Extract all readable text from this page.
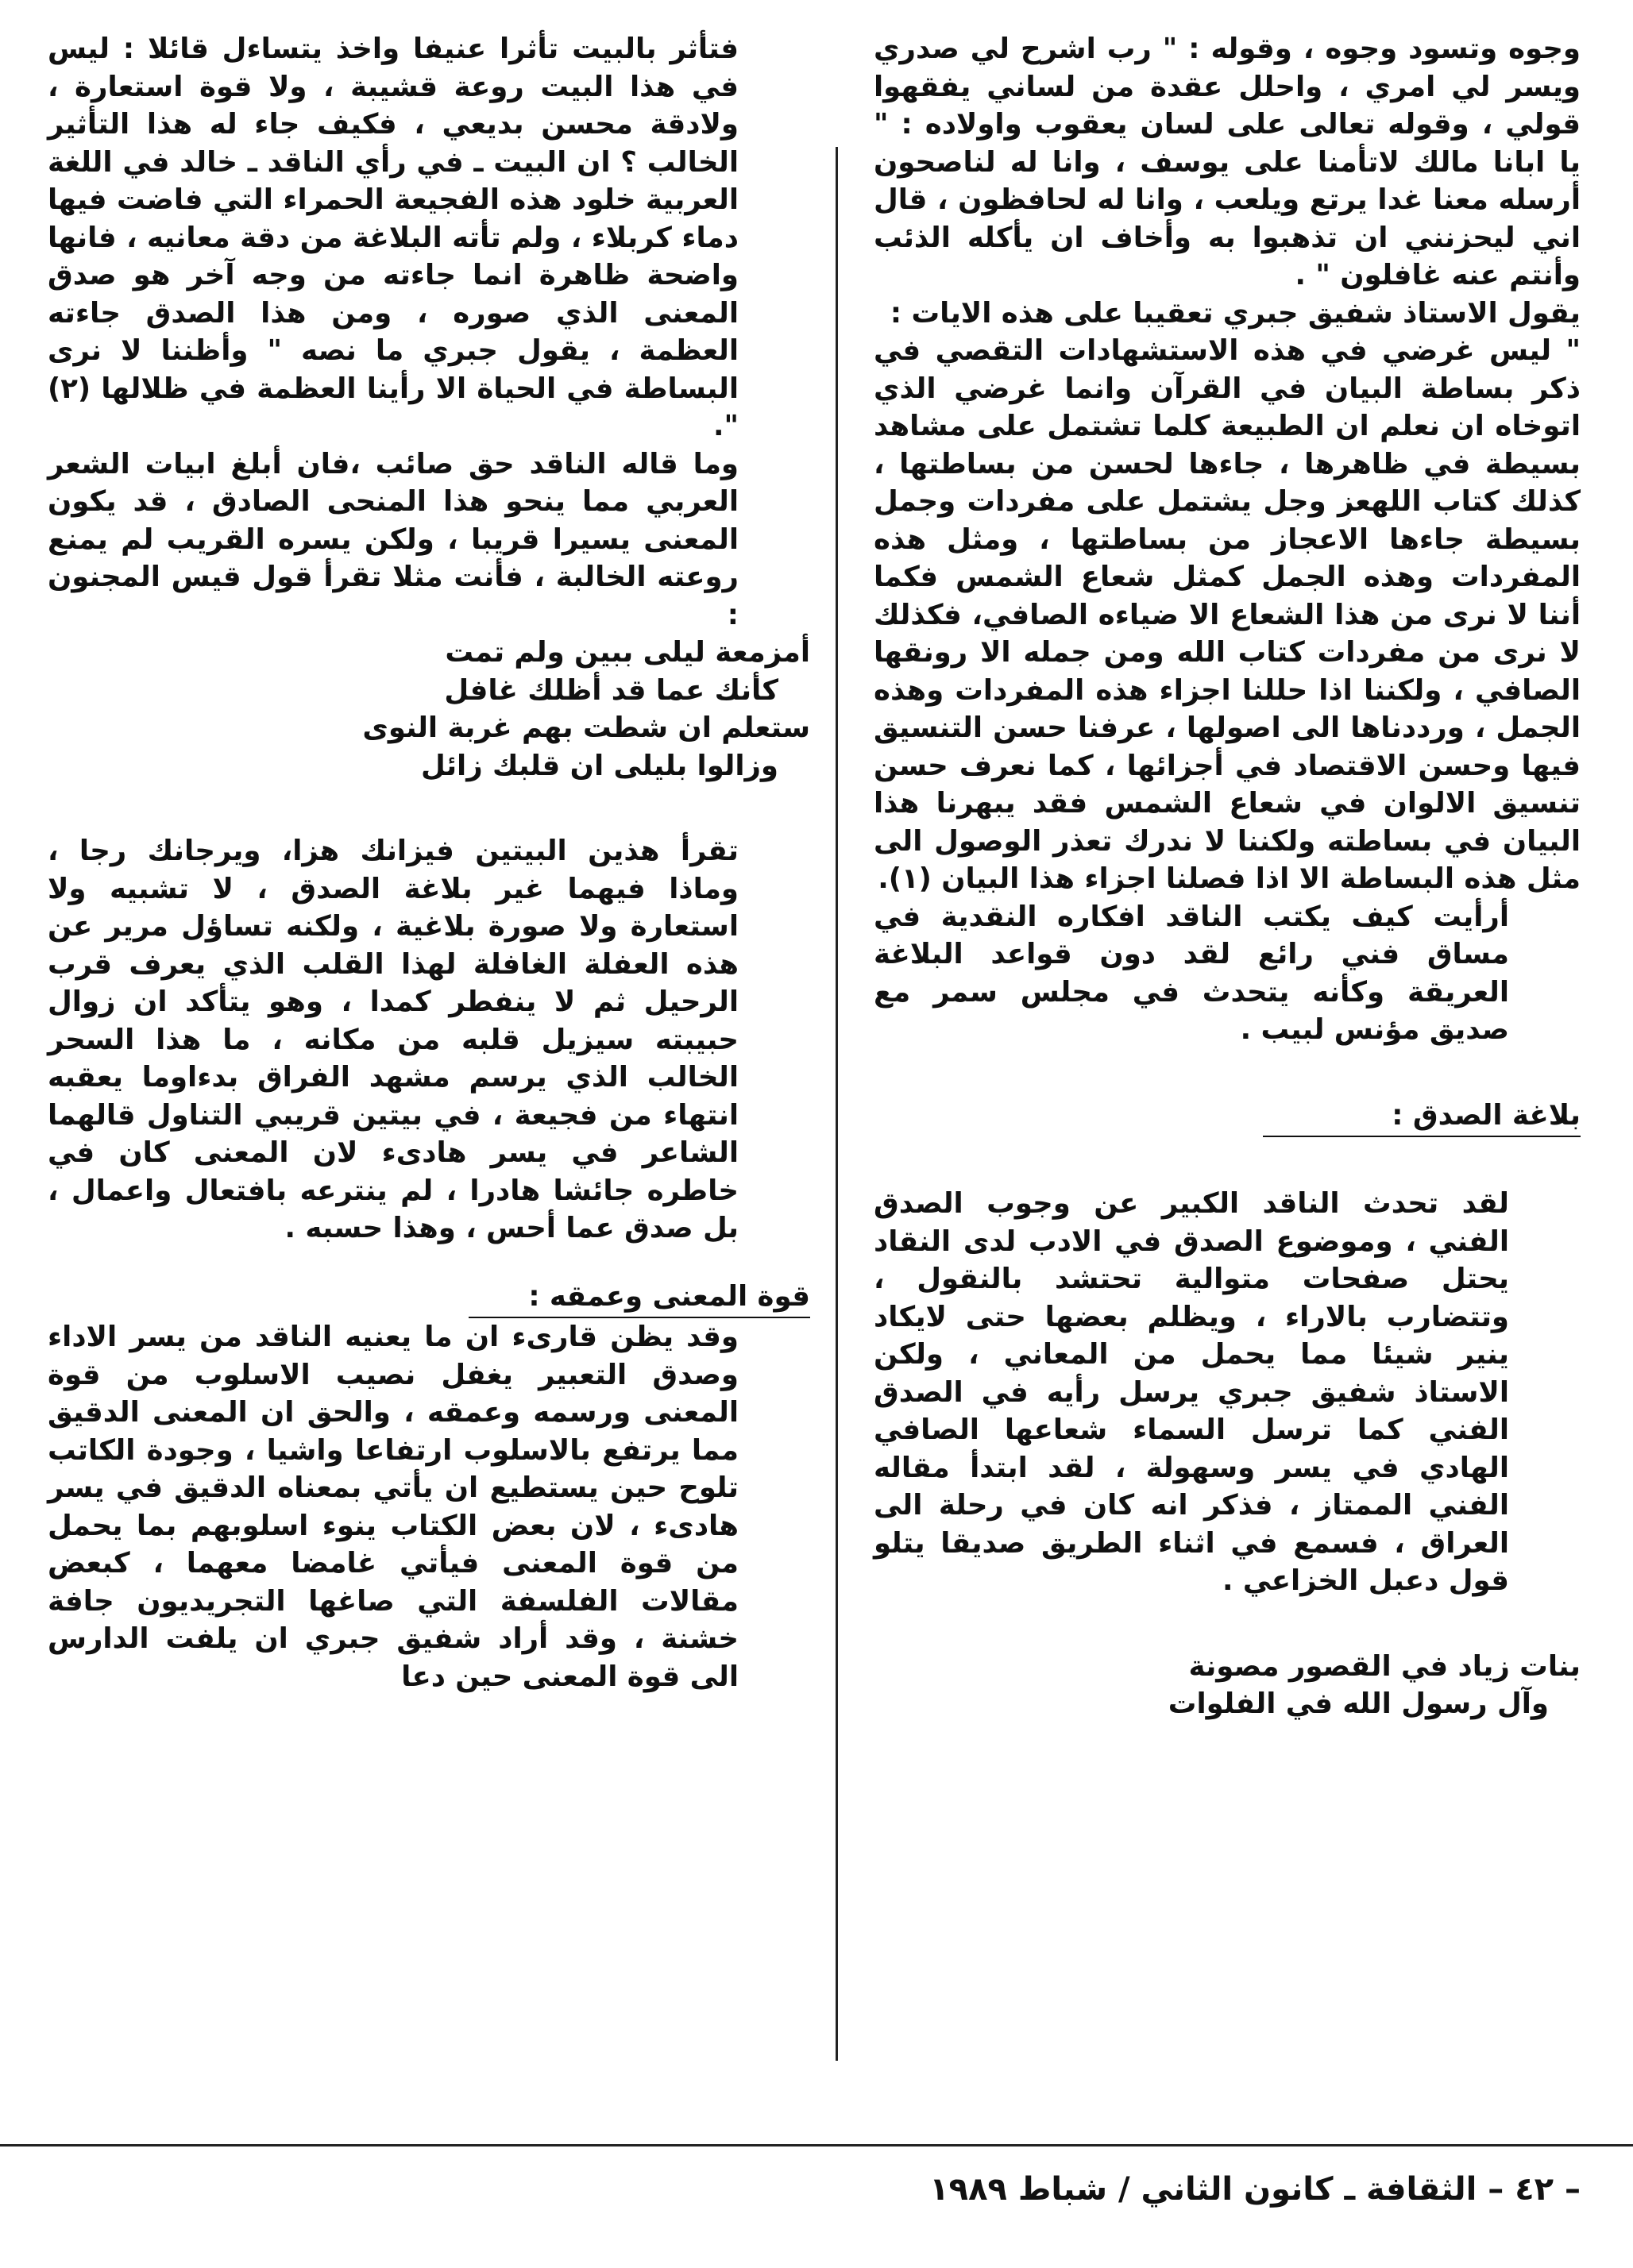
وجوه وتسود وجوه ، وقوله : " رب اشرح لي صدري ويسر لي امري ، واحلل عقدة من لساني يفقهوا قولي ، وقوله تعالى على لسان يعقوب واولاده : " يا ابانا مالك لاتأمنا على يوسف ، وانا له لناصحون أرسله معنا غدا يرتع ويلعب ، وانا له لحافظون ، قال اني ليحزنني ان تذهبوا به وأخاف ان يأكله الذئب وأنتم عنه غافلون " .

يقول الاستاذ شفيق جبري تعقيبا على هذه الايات :

" ليس غرضي في هذه الاستشهادات التقصي في ذكر بساطة البيان في القرآن وانما غرضي الذي اتوخاه ان نعلم ان الطبيعة كلما تشتمل على مشاهد بسيطة في ظاهرها ، جاءها لحسن من بساطتها ، كذلك كتاب اللهعز وجل يشتمل على مفردات وجمل بسيطة جاءها الاعجاز من بساطتها ، ومثل هذه المفردات وهذه الجمل كمثل شعاع الشمس فكما أننا لا نرى من هذا الشعاع الا ضياءه الصافي، فكذلك لا نرى من مفردات كتاب الله ومن جمله الا رونقها الصافي ، ولكننا اذا حللنا اجزاء هذه المفردات وهذه الجمل ، ورددناها الى اصولها ، عرفنا حسن التنسيق فيها وحسن الاقتصاد في أجزائها ، كما نعرف حسن تنسيق الالوان في شعاع الشمس فقد يبهرنا هذا البيان في بساطته ولكننا لا ندرك تعذر الوصول الى مثل هذه البساطة الا اذا فصلنا اجزاء هذا البيان (١).

أرأيت كيف يكتب الناقد افكاره النقدية في مساق فني رائع لقد دون قواعد البلاغة العريقة وكأنه يتحدث في مجلس سمر مع صديق مؤنس لبيب .

بلاغة الصدق :

لقد تحدث الناقد الكبير عن وجوب الصدق الفني ، وموضوع الصدق في الادب لدى النقاد يحتل صفحات متوالية تحتشد بالنقول ، وتتضارب بالاراء ، ويظلم بعضها حتى لايكاد ينير شيئا مما يحمل من المعاني ، ولكن الاستاذ شفيق جبري يرسل رأيه في الصدق الفني كما ترسل السماء شعاعها الصافي الهادي في يسر وسهولة ، لقد ابتدأ مقاله الفني الممتاز ، فذكر انه كان في رحلة الى العراق ، فسمع في اثناء الطريق صديقا يتلو قول دعبل الخزاعي .

بنات زياد في القصور مصونة

وآل رسول الله في الفلوات

فتأثر بالبيت تأثرا عنيفا واخذ يتساءل قائلا : ليس في هذا البيت روعة قشيبة ، ولا قوة استعارة ، ولادقة محسن بديعي ، فكيف جاء له هذا التأثير الخالب ؟ ان البيت ـ في رأي الناقد ـ خالد في اللغة العربية خلود هذه الفجيعة الحمراء التي فاضت فيها دماء كربلاء ، ولم تأته البلاغة من دقة معانيه ، فانها واضحة ظاهرة انما جاءته من وجه آخر هو صدق المعنى الذي صوره ، ومن هذا الصدق جاءته العظمة ، يقول جبري ما نصه " وأظننا لا نرى البساطة في الحياة الا رأينا العظمة في ظلالها (٢) ".

وما قاله الناقد حق صائب ،فان أبلغ ابيات الشعر العربي مما ينحو هذا المنحى الصادق ، قد يكون المعنى يسيرا قريبا ، ولكن يسره القريب لم يمنع روعته الخالبة ، فأنت مثلا تقرأ قول قيس المجنون :

أمزمعة ليلى ببين ولم تمت

كأنك عما قد أظلك غافل

ستعلم ان شطت بهم غربة النوى

وزالوا بليلى ان قلبك زائل

تقرأ هذين البيتين فيزانك هزا، ويرجانك رجا ، وماذا فيهما غير بلاغة الصدق ، لا تشبيه ولا استعارة ولا صورة بلاغية ، ولكنه تساؤل مرير عن هذه العفلة الغافلة لهذا القلب الذي يعرف قرب الرحيل ثم لا ينفطر كمدا ، وهو يتأكد ان زوال حبيبته سيزيل قلبه من مكانه ، ما هذا السحر الخالب الذي يرسم مشهد الفراق بدءاوما يعقبه انتهاء من فجيعة ، في بيتين قريبي التناول قالهما الشاعر في يسر هادىء لان المعنى كان في خاطره جائشا هادرا ، لم ينترعه بافتعال واعمال ، بل صدق عما أحس ، وهذا حسبه .

قوة المعنى وعمقه :

وقد يظن قارىء ان ما يعنيه الناقد من يسر الاداء وصدق التعبير يغفل نصيب الاسلوب من قوة المعنى ورسمه وعمقه ، والحق ان المعنى الدقيق مما يرتفع بالاسلوب ارتفاعا واشيا ، وجودة الكاتب تلوح حين يستطيع ان يأتي بمعناه الدقيق في يسر هادىء ، لان بعض الكتاب ينوء اسلوبهم بما يحمل من قوة المعنى فيأتي غامضا معهما ، كبعض مقالات الفلسفة التي صاغها التجريديون جافة خشنة ، وقد أراد شفيق جبري ان يلفت الدارس الى قوة المعنى حين دعا

– ٤٢ – الثقافة ـ كانون الثاني / شباط ١٩٨٩
